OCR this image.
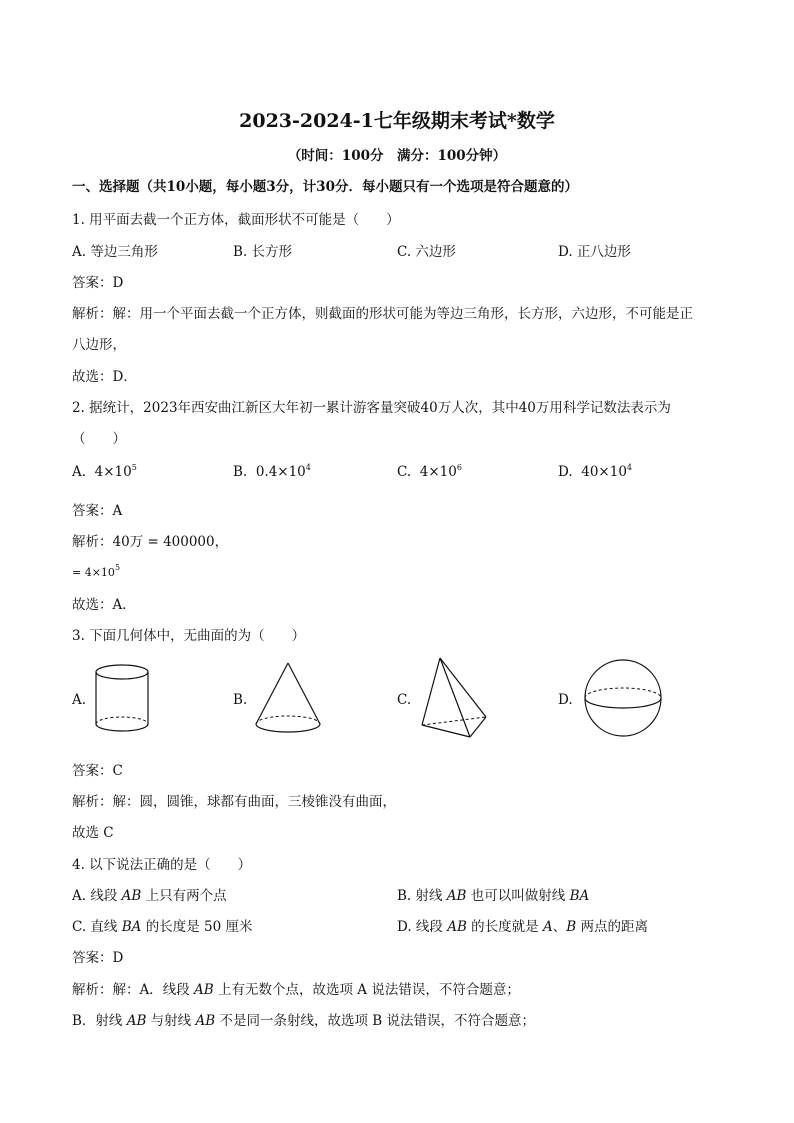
2023-2024-1七年级期末考试*数学
（时间：100分　满分：100分钟）
一、选择题（共10小题，每小题3分，计30分．每小题只有一个选项是符合题意的）
1. 用平面去截一个正方体，截面形状不可能是（　　）
A. 等边三角形	B. 长方形	C. 六边形	D. 正八边形
答案：D
解析：解：用一个平面去截一个正方体，则截面的形状可能为等边三角形，长方形，六边形，不可能是正
八边形，
故选：D．
2. 据统计，2023年西安曲江新区大年初一累计游客量突破40万人次，其中40万用科学记数法表示为
（　　）
A. $4\times 10^5$	B. $0.4\times 10^4$	C. $4\times 10^6$	D. $40\times 10^4$
答案：A
解析：40万 = 400000，
= $4\times 10^5$
故选：A．
3. 下面几何体中，无曲面的为（　　）
A.	B.	C.	D.
答案：C
解析：解：圆，圆锥，球都有曲面，三棱锥没有曲面，
故选 C
4. 以下说法正确的是（　　）
A. 线段 AB 上只有两个点	B. 射线 AB 也可以叫做射线 BA
C. 直线 BA 的长度是 50 厘米	D. 线段 AB 的长度就是 A、B 两点的距离
答案：D
解析：解：A．线段 AB 上有无数个点，故选项 A 说法错误，不符合题意；
B．射线 AB 与射线 AB 不是同一条射线，故选项 B 说法错误，不符合题意；
